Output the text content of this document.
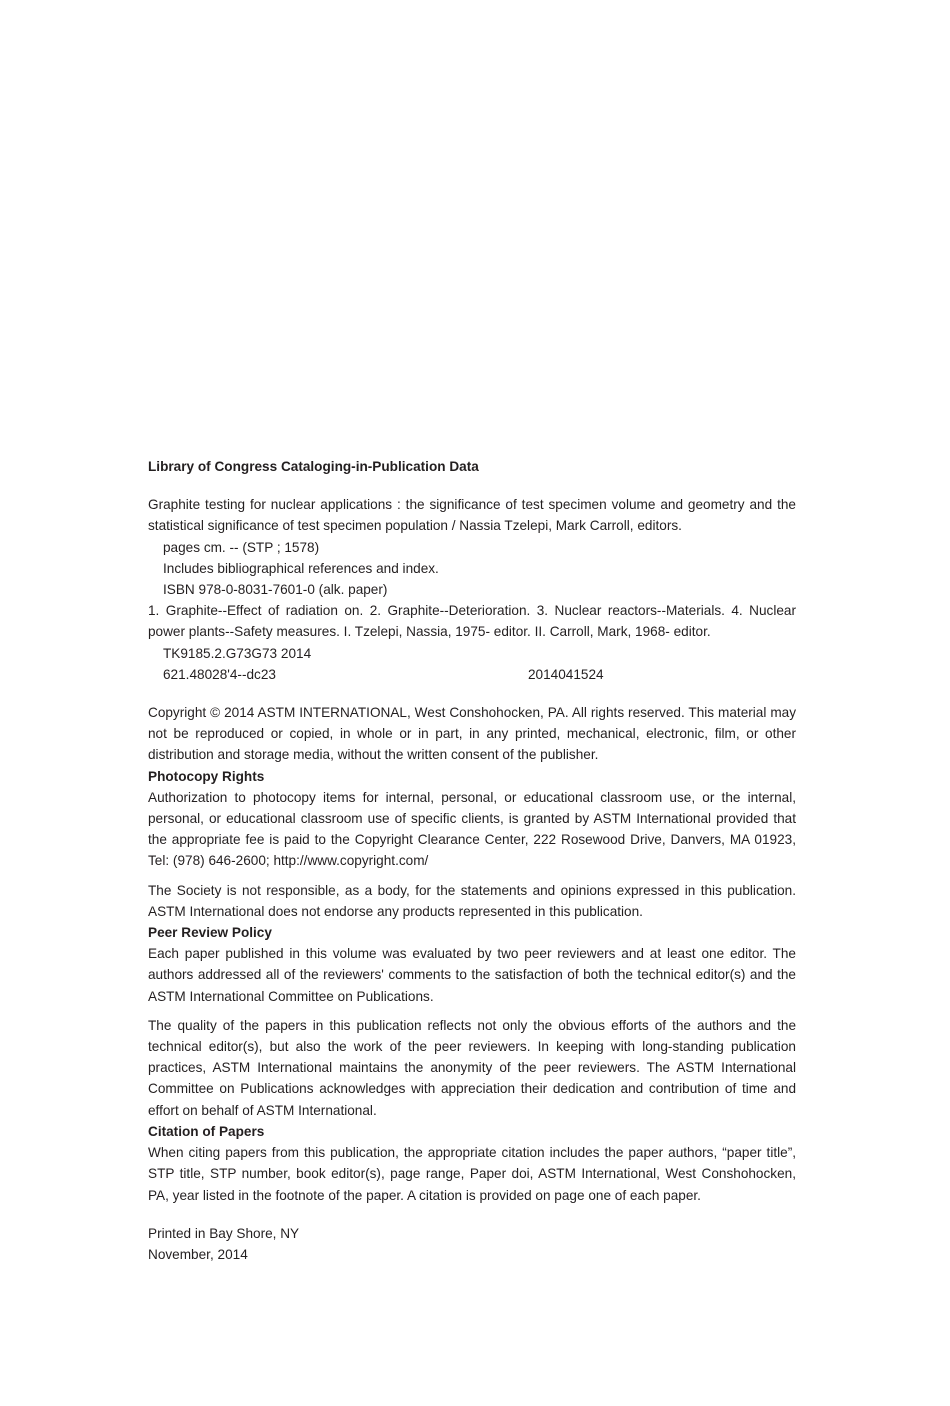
Library of Congress Cataloging-in-Publication Data

Graphite testing for nuclear applications : the significance of test specimen volume and geometry and the statistical significance of test specimen population / Nassia Tzelepi, Mark Carroll, editors.

pages cm. -- (STP ; 1578)

Includes bibliographical references and index.

ISBN 978-0-8031-7601-0 (alk. paper)

1. Graphite--Effect of radiation on. 2. Graphite--Deterioration. 3. Nuclear reactors--Materials. 4. Nuclear power plants--Safety measures. I. Tzelepi, Nassia, 1975- editor. II. Carroll, Mark, 1968- editor.

TK9185.2.G73G73 2014

621.48028'4--dc23	2014041524

Copyright © 2014 ASTM INTERNATIONAL, West Conshohocken, PA. All rights reserved. This material may not be reproduced or copied, in whole or in part, in any printed, mechanical, electronic, film, or other distribution and storage media, without the written consent of the publisher.

Photocopy Rights

Authorization to photocopy items for internal, personal, or educational classroom use, or the internal, personal, or educational classroom use of specific clients, is granted by ASTM International provided that the appropriate fee is paid to the Copyright Clearance Center, 222 Rosewood Drive, Danvers, MA 01923, Tel: (978) 646-2600; http://www.copyright.com/

The Society is not responsible, as a body, for the statements and opinions expressed in this publication. ASTM International does not endorse any products represented in this publication.

Peer Review Policy

Each paper published in this volume was evaluated by two peer reviewers and at least one editor. The authors addressed all of the reviewers' comments to the satisfaction of both the technical editor(s) and the ASTM International Committee on Publications.

The quality of the papers in this publication reflects not only the obvious efforts of the authors and the technical editor(s), but also the work of the peer reviewers. In keeping with long-standing publication practices, ASTM International maintains the anonymity of the peer reviewers. The ASTM International Committee on Publications acknowledges with appreciation their dedication and contribution of time and effort on behalf of ASTM International.

Citation of Papers

When citing papers from this publication, the appropriate citation includes the paper authors, “paper title”, STP title, STP number, book editor(s), page range, Paper doi, ASTM International, West Conshohocken, PA, year listed in the footnote of the paper. A citation is provided on page one of each paper.

Printed in Bay Shore, NY

November, 2014
